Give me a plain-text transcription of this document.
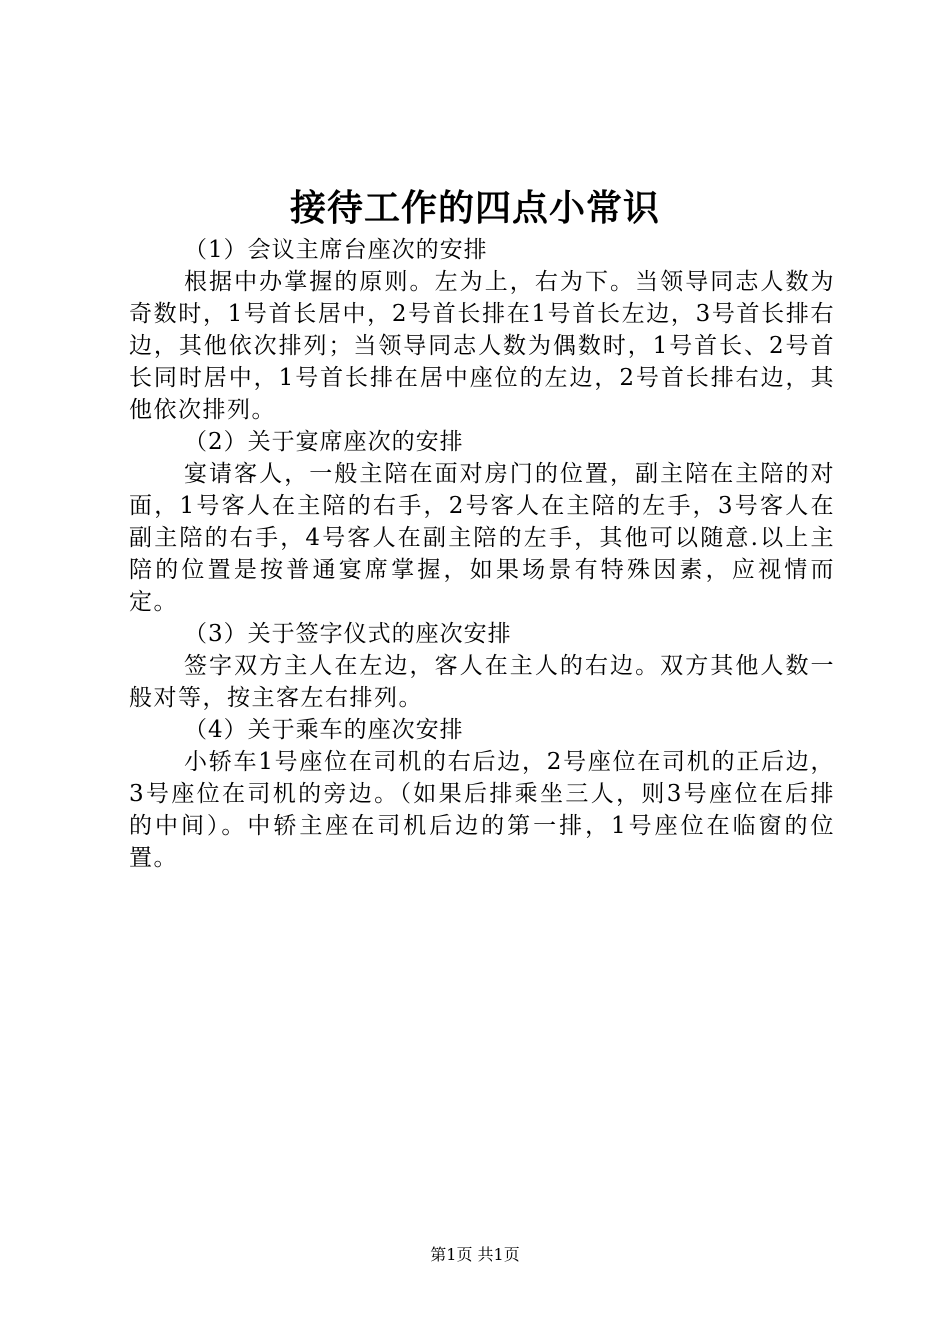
接待工作的四点小常识

（1）会议主席台座次的安排

根据中办掌握的原则。左为上，右为下。当领导同志人数为奇数时，1号首长居中，2号首长排在1号首长左边，3号首长排右边，其他依次排列；当领导同志人数为偶数时，1号首长、2号首长同时居中，1号首长排在居中座位的左边，2号首长排右边，其他依次排列。

（2）关于宴席座次的安排

宴请客人，一般主陪在面对房门的位置，副主陪在主陪的对面，1号客人在主陪的右手，2号客人在主陪的左手，3号客人在副主陪的右手，4号客人在副主陪的左手，其他可以随意.以上主陪的位置是按普通宴席掌握，如果场景有特殊因素，应视情而定。

（3）关于签字仪式的座次安排

签字双方主人在左边，客人在主人的右边。双方其他人数一般对等，按主客左右排列。

（4）关于乘车的座次安排

小轿车1号座位在司机的右后边，2号座位在司机的正后边，3号座位在司机的旁边。（如果后排乘坐三人，则3号座位在后排的中间）。中轿主座在司机后边的第一排，1号座位在临窗的位置。

第1页 共1页
